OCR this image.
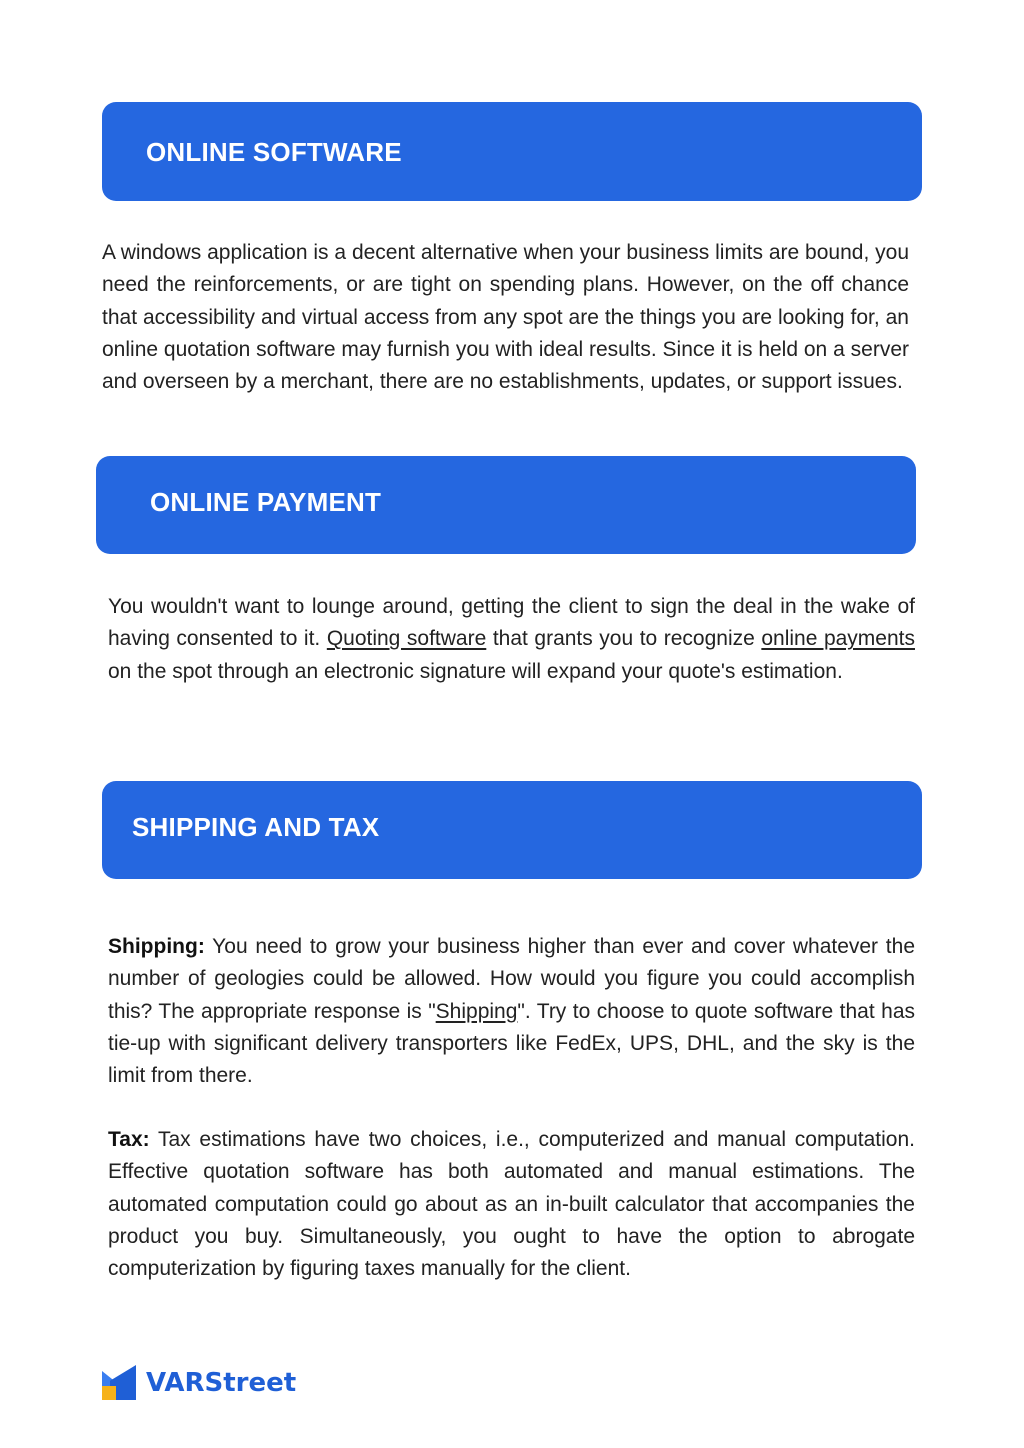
ONLINE SOFTWARE

A windows application is a decent alternative when your business limits are bound, you need the reinforcements, or are tight on spending plans. However, on the off chance that accessibility and virtual access from any spot are the things you are looking for, an online quotation software may furnish you with ideal results. Since it is held on a server and overseen by a merchant, there are no establishments, updates, or support issues.

ONLINE PAYMENT

You wouldn't want to lounge around, getting the client to sign the deal in the wake of having consented to it. Quoting software that grants you to recognize online payments on the spot through an electronic signature will expand your quote's estimation.

SHIPPING AND TAX

Shipping: You need to grow your business higher than ever and cover whatever the number of geologies could be allowed. How would you figure you could accomplish this? The appropriate response is "Shipping". Try to choose to quote software that has tie-up with significant delivery transporters like FedEx, UPS, DHL, and the sky is the limit from there.

Tax: Tax estimations have two choices, i.e., computerized and manual computation. Effective quotation software has both automated and manual estimations. The automated computation could go about as an in-built calculator that accompanies the product you buy. Simultaneously, you ought to have the option to abrogate computerization by figuring taxes manually for the client.

VARStreet
